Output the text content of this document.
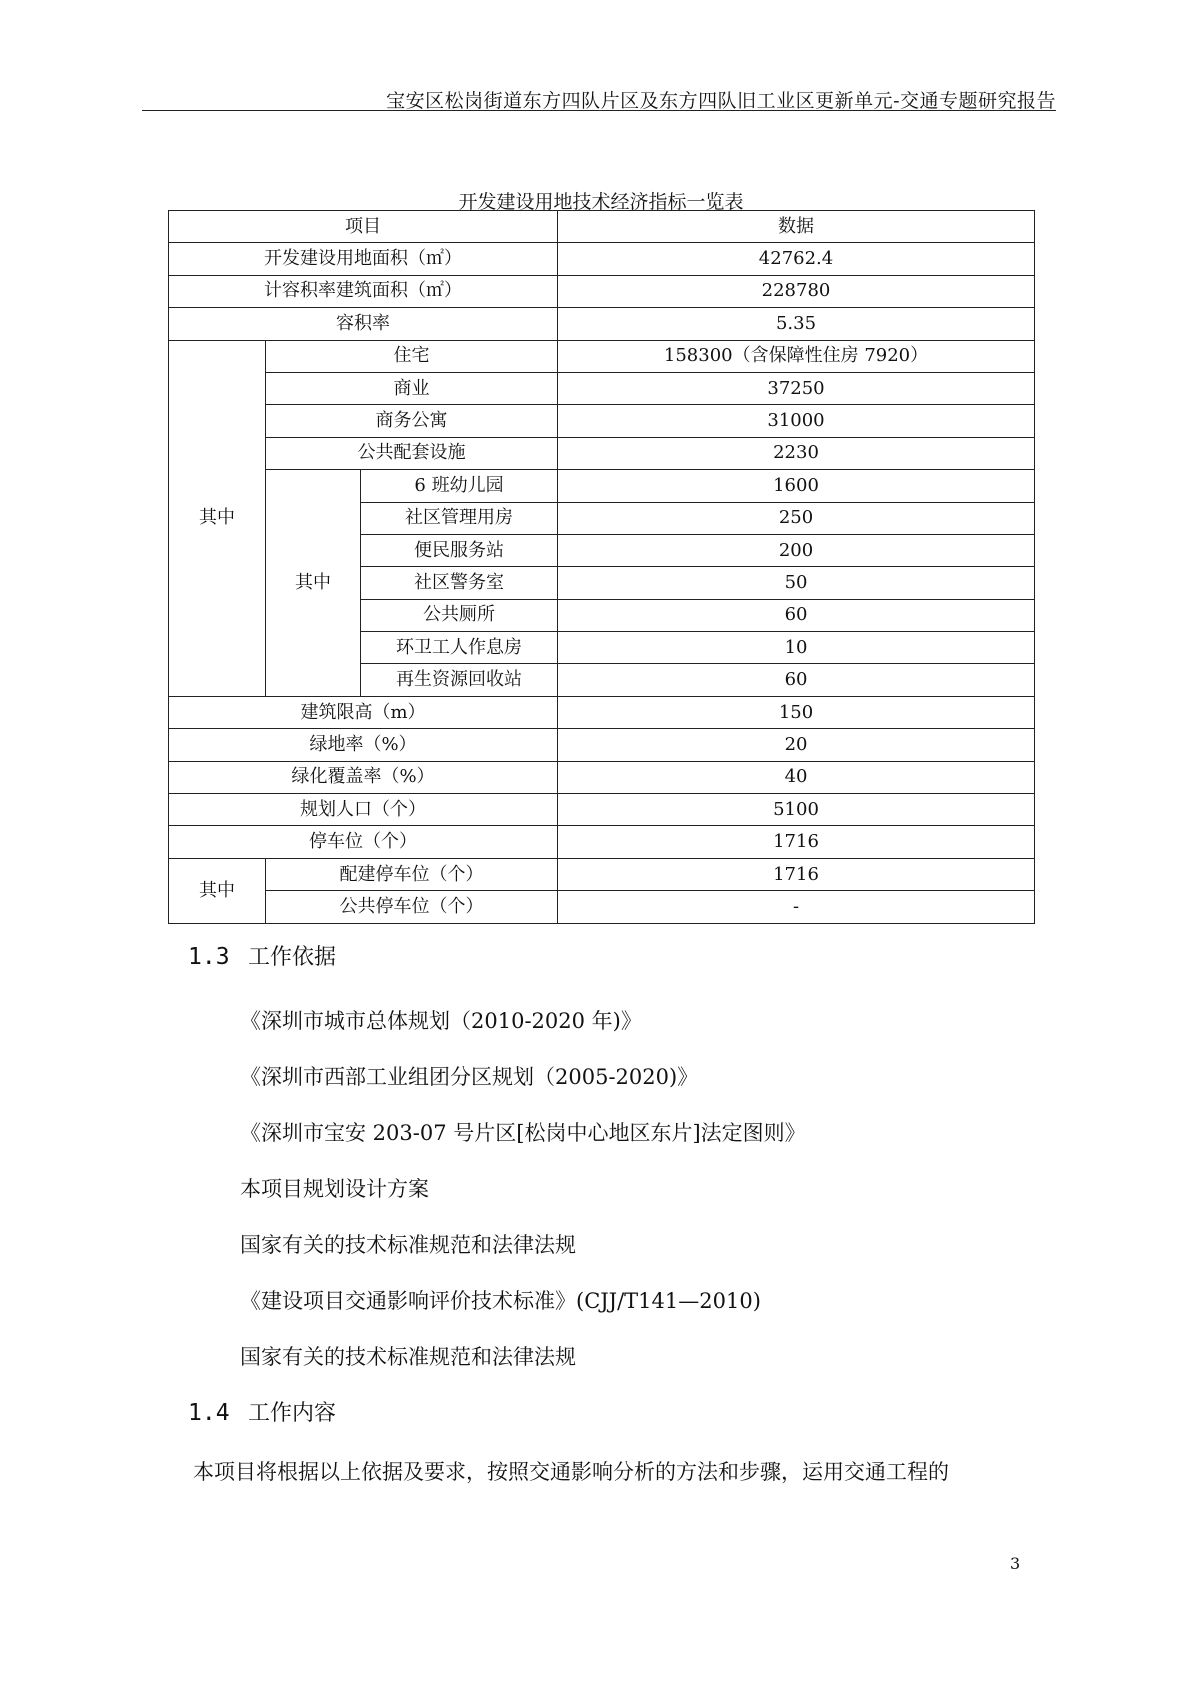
宝安区松岗街道东方四队片区及东方四队旧工业区更新单元-交通专题研究报告
开发建设用地技术经济指标一览表
项目			数据
开发建设用地面积（㎡）			42762.4
计容积率建筑面积（㎡）			228780
容积率			5.35
其中	住宅		158300（含保障性住房 7920）
	商业		37250
	商务公寓		31000
	公共配套设施		2230
	其中	6 班幼儿园	1600
		社区管理用房	250
		便民服务站	200
		社区警务室	50
		公共厕所	60
		环卫工人作息房	10
		再生资源回收站	60
建筑限高（m）			150
绿地率（%）			20
绿化覆盖率（%）			40
规划人口（个）			5100
停车位（个）			1716
其中	配建停车位（个）		1716
	公共停车位（个）		-
1.3 工作依据
《深圳市城市总体规划（2010-2020 年)》
《深圳市西部工业组团分区规划（2005-2020)》
《深圳市宝安 203-07 号片区[松岗中心地区东片]法定图则》
本项目规划设计方案
国家有关的技术标准规范和法律法规
《建设项目交通影响评价技术标准》(CJJ/T141—2010)
国家有关的技术标准规范和法律法规
1.4 工作内容
本项目将根据以上依据及要求，按照交通影响分析的方法和步骤，运用交通工程的
3
